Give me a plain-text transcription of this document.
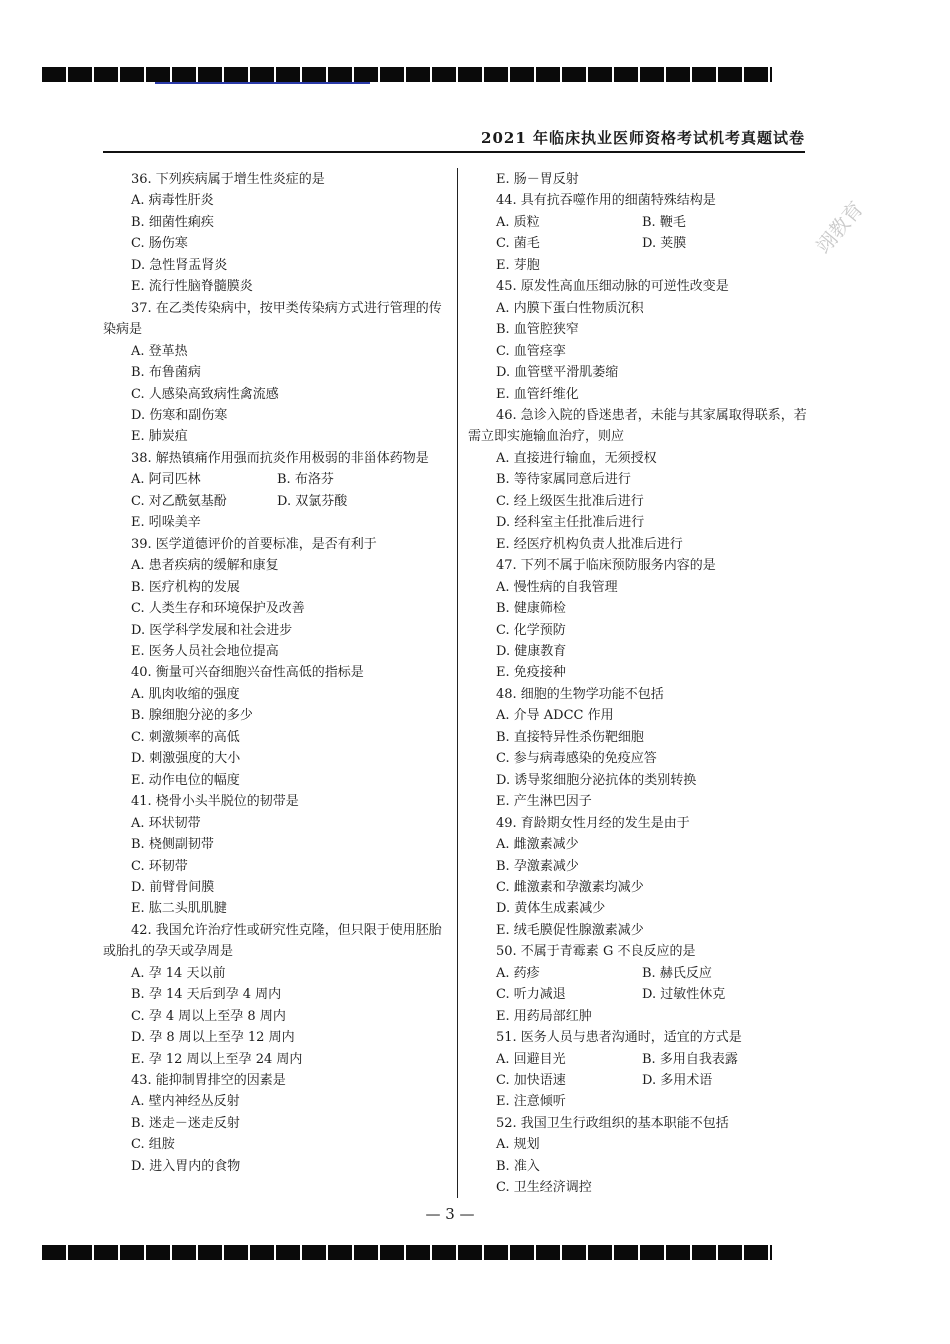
2021 年临床执业医师资格考试机考真题试卷
翊教育
36. 下列疾病属于增生性炎症的是
A. 病毒性肝炎
B. 细菌性痢疾
C. 肠伤寒
D. 急性肾盂肾炎
E. 流行性脑脊髓膜炎
37. 在乙类传染病中，按甲类传染病方式进行管理的传染病是
A. 登革热
B. 布鲁菌病
C. 人感染高致病性禽流感
D. 伤寒和副伤寒
E. 肺炭疽
38. 解热镇痛作用强而抗炎作用极弱的非甾体药物是
A. 阿司匹林	B. 布洛芬
C. 对乙酰氨基酚	D. 双氯芬酸
E. 吲哚美辛
39. 医学道德评价的首要标准，是否有利于
A. 患者疾病的缓解和康复
B. 医疗机构的发展
C. 人类生存和环境保护及改善
D. 医学科学发展和社会进步
E. 医务人员社会地位提高
40. 衡量可兴奋细胞兴奋性高低的指标是
A. 肌肉收缩的强度
B. 腺细胞分泌的多少
C. 刺激频率的高低
D. 刺激强度的大小
E. 动作电位的幅度
41. 桡骨小头半脱位的韧带是
A. 环状韧带
B. 桡侧副韧带
C. 环韧带
D. 前臂骨间膜
E. 肱二头肌肌腱
42. 我国允许治疗性或研究性克隆，但只限于使用胚胎或胎扎的孕天或孕周是
A. 孕 14 天以前
B. 孕 14 天后到孕 4 周内
C. 孕 4 周以上至孕 8 周内
D. 孕 8 周以上至孕 12 周内
E. 孕 12 周以上至孕 24 周内
43. 能抑制胃排空的因素是
A. 壁内神经丛反射
B. 迷走－迷走反射
C. 组胺
D. 进入胃内的食物
E. 肠－胃反射
44. 具有抗吞噬作用的细菌特殊结构是
A. 质粒	B. 鞭毛
C. 菌毛	D. 荚膜
E. 芽胞
45. 原发性高血压细动脉的可逆性改变是
A. 内膜下蛋白性物质沉积
B. 血管腔狭窄
C. 血管痉挛
D. 血管壁平滑肌萎缩
E. 血管纤维化
46. 急诊入院的昏迷患者，未能与其家属取得联系，若需立即实施输血治疗，则应
A. 直接进行输血，无须授权
B. 等待家属同意后进行
C. 经上级医生批准后进行
D. 经科室主任批准后进行
E. 经医疗机构负责人批准后进行
47. 下列不属于临床预防服务内容的是
A. 慢性病的自我管理
B. 健康筛检
C. 化学预防
D. 健康教育
E. 免疫接种
48. 细胞的生物学功能不包括
A. 介导 ADCC 作用
B. 直接特异性杀伤靶细胞
C. 参与病毒感染的免疫应答
D. 诱导浆细胞分泌抗体的类别转换
E. 产生淋巴因子
49. 育龄期女性月经的发生是由于
A. 雌激素减少
B. 孕激素减少
C. 雌激素和孕激素均减少
D. 黄体生成素减少
E. 绒毛膜促性腺激素减少
50. 不属于青霉素 G 不良反应的是
A. 药疹	B. 赫氏反应
C. 听力减退	D. 过敏性休克
E. 用药局部红肿
51. 医务人员与患者沟通时，适宜的方式是
A. 回避目光	B. 多用自我表露
C. 加快语速	D. 多用术语
E. 注意倾听
52. 我国卫生行政组织的基本职能不包括
A. 规划
B. 准入
C. 卫生经济调控
— 3 —
